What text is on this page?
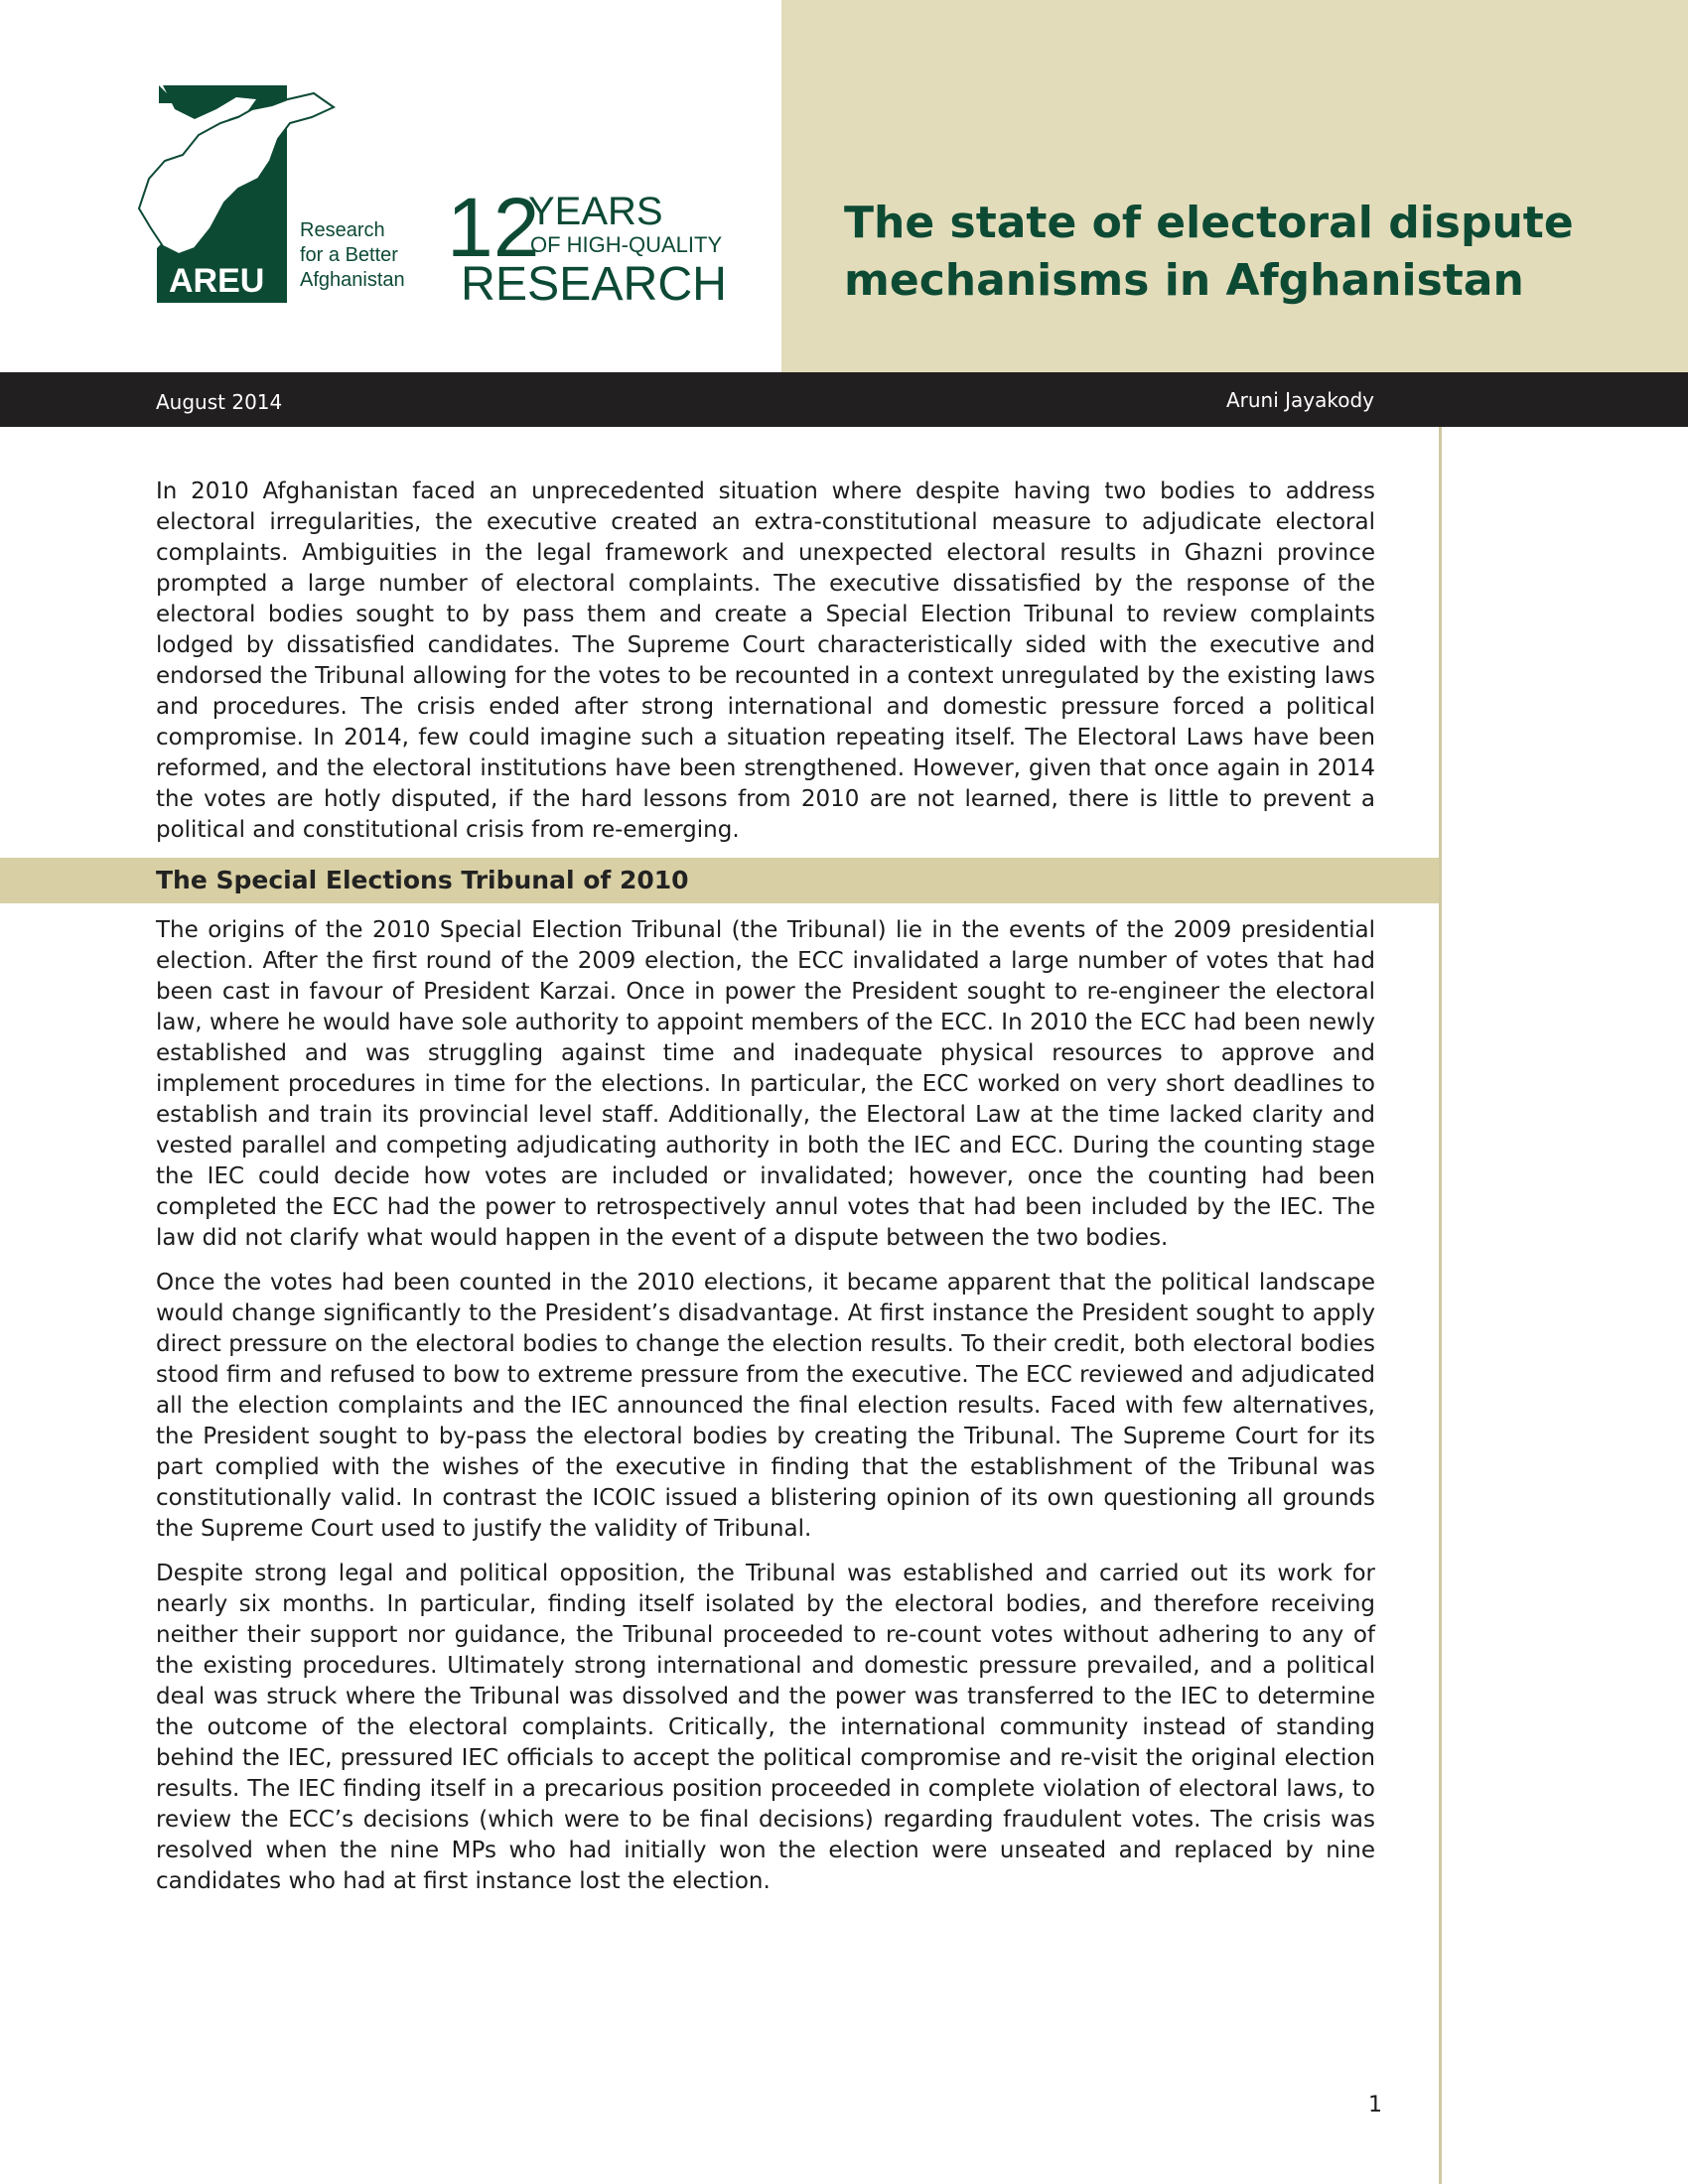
AREU
Research
for a Better
Afghanistan
12
YEARS
OF HIGH-QUALITY
RESEARCH
The state of electoral dispute
mechanisms in Afghanistan
August 2014	Aruni Jayakody

In 2010 Afghanistan faced an unprecedented situation where despite having two bodies to address electoral irregularities, the executive created an extra-constitutional measure to adjudicate electoral complaints. Ambiguities in the legal framework and unexpected electoral results in Ghazni province prompted a large number of electoral complaints. The executive dissatisfied by the response of the electoral bodies sought to by pass them and create a Special Election Tribunal to review complaints lodged by dissatisfied candidates. The Supreme Court characteristically sided with the executive and endorsed the Tribunal allowing for the votes to be recounted in a context unregulated by the existing laws and procedures. The crisis ended after strong international and domestic pressure forced a political compromise. In 2014, few could imagine such a situation repeating itself. The Electoral Laws have been reformed, and the electoral institutions have been strengthened. However, given that once again in 2014 the votes are hotly disputed, if the hard lessons from 2010 are not learned, there is little to prevent a political and constitutional crisis from re-emerging.

The Special Elections Tribunal of 2010

The origins of the 2010 Special Election Tribunal (the Tribunal) lie in the events of the 2009 presidential election. After the first round of the 2009 election, the ECC invalidated a large number of votes that had been cast in favour of President Karzai. Once in power the President sought to re-engineer the electoral law, where he would have sole authority to appoint members of the ECC. In 2010 the ECC had been newly established and was struggling against time and inadequate physical resources to approve and implement procedures in time for the elections. In particular, the ECC worked on very short deadlines to establish and train its provincial level staff. Additionally, the Electoral Law at the time lacked clarity and vested parallel and competing adjudicating authority in both the IEC and ECC. During the counting stage the IEC could decide how votes are included or invalidated; however, once the counting had been completed the ECC had the power to retrospectively annul votes that had been included by the IEC. The law did not clarify what would happen in the event of a dispute between the two bodies.

Once the votes had been counted in the 2010 elections, it became apparent that the political landscape would change significantly to the President’s disadvantage. At first instance the President sought to apply direct pressure on the electoral bodies to change the election results. To their credit, both electoral bodies stood firm and refused to bow to extreme pressure from the executive. The ECC reviewed and adjudicated all the election complaints and the IEC announced the final election results. Faced with few alternatives, the President sought to by-pass the electoral bodies by creating the Tribunal. The Supreme Court for its part complied with the wishes of the executive in finding that the establishment of the Tribunal was constitutionally valid. In contrast the ICOIC issued a blistering opinion of its own questioning all grounds the Supreme Court used to justify the validity of Tribunal.

Despite strong legal and political opposition, the Tribunal was established and carried out its work for nearly six months. In particular, finding itself isolated by the electoral bodies, and therefore receiving neither their support nor guidance, the Tribunal proceeded to re-count votes without adhering to any of the existing procedures. Ultimately strong international and domestic pressure prevailed, and a political deal was struck where the Tribunal was dissolved and the power was transferred to the IEC to determine the outcome of the electoral complaints. Critically, the international community instead of standing behind the IEC, pressured IEC officials to accept the political compromise and re-visit the original election results. The IEC finding itself in a precarious position proceeded in complete violation of electoral laws, to review the ECC’s decisions (which were to be final decisions) regarding fraudulent votes. The crisis was resolved when the nine MPs who had initially won the election were unseated and replaced by nine candidates who had at first instance lost the election.

1
